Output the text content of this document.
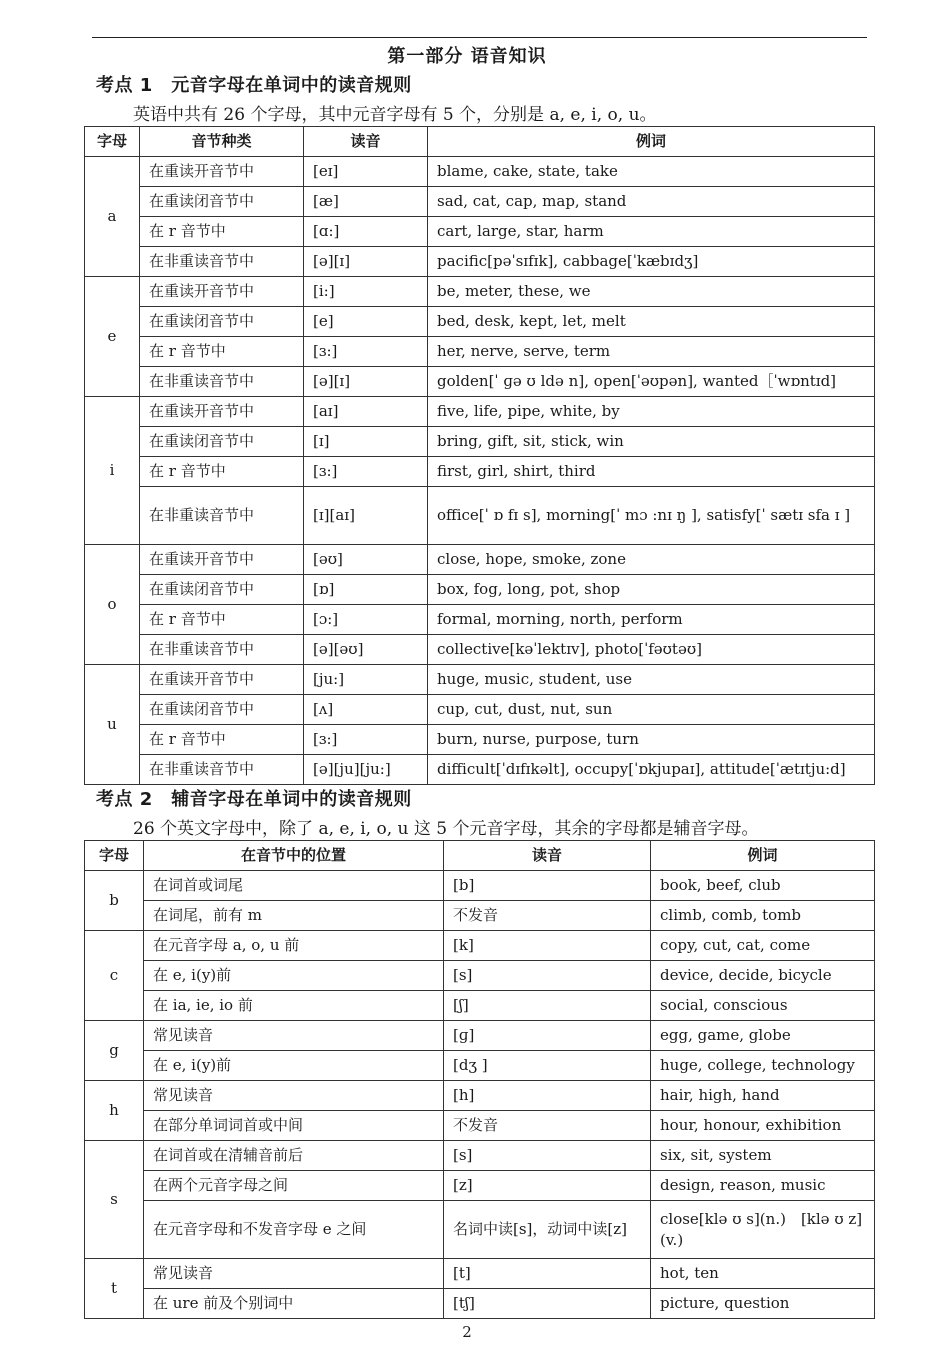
第一部分 语音知识
考点 1　元音字母在单词中的读音规则
英语中共有 26 个字母，其中元音字母有 5 个，分别是 a, e, i, o, u。
字母	音节种类	读音	例词
a	在重读开音节中	[eɪ]	blame, cake, state, take
	在重读闭音节中	[æ]	sad, cat, cap, map, stand
	在 r 音节中	[ɑ:]	cart, large, star, harm
	在非重读音节中	[ə][ɪ]	pacific[pəˈsɪfɪk], cabbage[ˈkæbɪdʒ]
e	在重读开音节中	[i:]	be, meter, these, we
	在重读闭音节中	[e]	bed, desk, kept, let, melt
	在 r 音节中	[ɜ:]	her, nerve, serve, term
	在非重读音节中	[ə][ɪ]	golden[ˈ ɡə ʊ ldə n], open[ˈəʊpən], wanted［ˈwɒntɪd]
i	在重读开音节中	[aɪ]	five, life, pipe, white, by
	在重读闭音节中	[ɪ]	bring, gift, sit, stick, win
	在 r 音节中	[ɜ:]	first, girl, shirt, third
	在非重读音节中	[ɪ][aɪ]	office[ˈ ɒ fɪ s], morning[ˈ mɔ :nɪ ŋ ], satisfy[ˈ sætɪ sfa ɪ ]
o	在重读开音节中	[əʊ]	close, hope, smoke, zone
	在重读闭音节中	[ɒ]	box, fog, long, pot, shop
	在 r 音节中	[ɔ:]	formal, morning, north, perform
	在非重读音节中	[ə][əʊ]	collective[kəˈlektɪv], photo[ˈfəʊtəʊ]
u	在重读开音节中	[ju:]	huge, music, student, use
	在重读闭音节中	[ʌ]	cup, cut, dust, nut, sun
	在 r 音节中	[ɜ:]	burn, nurse, purpose, turn
	在非重读音节中	[ə][ju][ju:]	difficult[ˈdɪfɪkəlt], occupy[ˈɒkjupaɪ], attitude[ˈætɪtju:d]
考点 2　辅音字母在单词中的读音规则
26 个英文字母中，除了 a, e, i, o, u 这 5 个元音字母，其余的字母都是辅音字母。
字母	在音节中的位置	读音	例词
b	在词首或词尾	[b]	book, beef, club
	在词尾，前有 m	不发音	climb, comb, tomb
c	在元音字母 a, o, u 前	[k]	copy, cut, cat, come
	在 e, i(y)前	[s]	device, decide, bicycle
	在 ia, ie, io 前	[ʃ]	social, conscious
g	常见读音	[ɡ]	egg, game, globe
	在 e, i(y)前	[dʒ ]	huge, college, technology
h	常见读音	[h]	hair, high, hand
	在部分单词词首或中间	不发音	hour, honour, exhibition
s	在词首或在清辅音前后	[s]	six, sit, system
	在两个元音字母之间	[z]	design, reason, music
	在元音字母和不发音字母 e 之间	名词中读[s]，动词中读[z]	close[klə ʊ s](n.)　[klə ʊ z](v.)
t	常见读音	[t]	hot, ten
	在 ure 前及个别词中	[tʃ]	picture, question
2
